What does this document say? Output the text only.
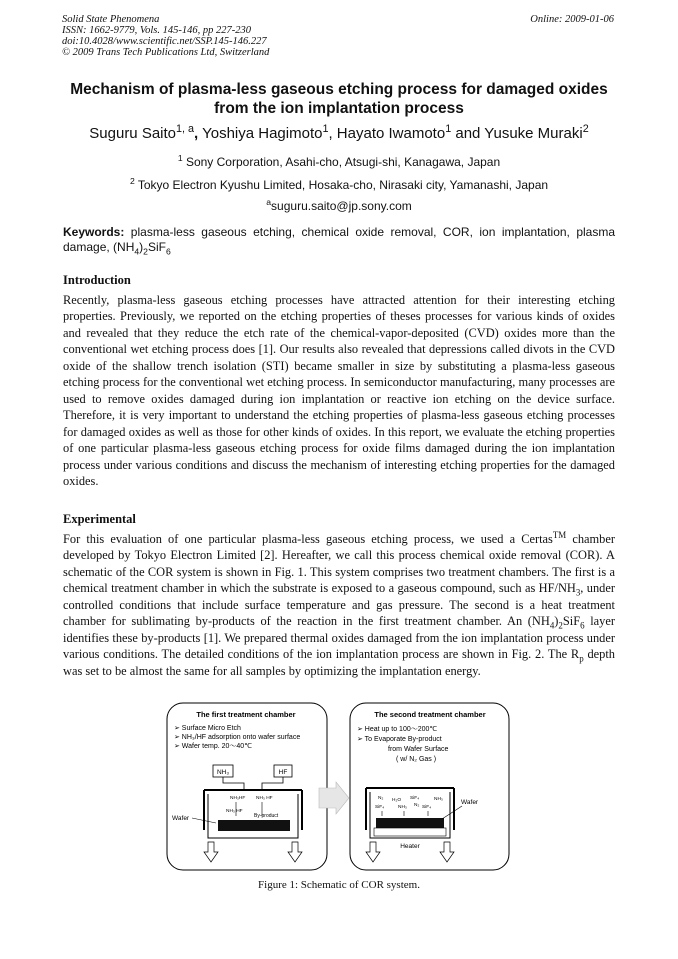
Solid State Phenomena
ISSN: 1662-9779, Vols. 145-146, pp 227-230
doi:10.4028/www.scientific.net/SSP.145-146.227
© 2009 Trans Tech Publications Ltd, Switzerland
Online: 2009-01-06
Mechanism of plasma-less gaseous etching process for damaged oxides
from the ion implantation process
Suguru Saito$^{1, a}$, Yoshiya Hagimoto$^1$, Hayato Iwamoto$^1$ and Yusuke Muraki$^2$
$^1$ Sony Corporation, Asahi-cho, Atsugi-shi, Kanagawa, Japan
$^2$ Tokyo Electron Kyushu Limited, Hosaka-cho, Nirasaki city, Yamanashi, Japan
$^a$suguru.saito@jp.sony.com
Keywords: plasma-less gaseous etching, chemical oxide removal, COR, ion implantation, plasma damage, $(NH_4)_2SiF_6$
Introduction
Recently, plasma-less gaseous etching processes have attracted attention for their interesting etching properties. Previously, we reported on the etching properties of theses processes for various kinds of oxides and revealed that they reduce the etch rate of the chemical-vapor-deposited (CVD) oxides more than the conventional wet etching process does [1]. Our results also revealed that depressions called divots in the CVD oxide of the shallow trench isolation (STI) became smaller in size by substituting a plasma-less gaseous etching process for the conventional wet etching process. In semiconductor manufacturing, many processes are used to remove oxides damaged during ion implantation or reactive ion etching on the device surface. Therefore, it is very important to understand the etching properties of plasma-less gaseous etching processes for damaged oxides as well as those for other kinds of oxides. In this report, we evaluate the etching properties of one particular plasma-less gaseous etching process for oxide films damaged during the ion implantation process under various conditions and discuss the mechanism of interesting etching properties for the damaged oxides.
Experimental
For this evaluation of one particular plasma-less gaseous etching process, we used a Certas™ chamber developed by Tokyo Electron Limited [2]. Hereafter, we call this process chemical oxide removal (COR). A schematic of the COR system is shown in Fig. 1. This system comprises two treatment chambers. The first is a chemical treatment chamber in which the substrate is exposed to a gaseous compound, such as $HF/NH_3$, under controlled conditions that include surface temperature and gas pressure. The second is a heat treatment chamber for sublimating by-products of the reaction in the first treatment chamber. An $(NH_4)_2SiF_6$ layer identifies these by-products [1]. We prepared thermal oxides damaged from the ion implantation process under various conditions. The detailed conditions of the ion implantation process are shown in Fig. 2. The $R_p$ depth was set to be almost the same for all samples by optimizing the implantation energy.
The first treatment chamber
➢ Surface Micro Etch
➢ NH₃/HF adsorption onto wafer surface
➢ Wafer temp. 20～40℃
NH₃	HF
NH₃HF NH₃ HF
NH₃ HF
By-product
Wafer
The second treatment chamber
➢ Heat up to 100～200℃
➢ To Evaporate By-product
from Wafer Surface
( w/ N₂ Gas )
N₂ H₂O SiF₄	NH₃
SiF₄	NH₃ N₂ SiF₄
Wafer
Heater
Figure 1: Schematic of COR system.
